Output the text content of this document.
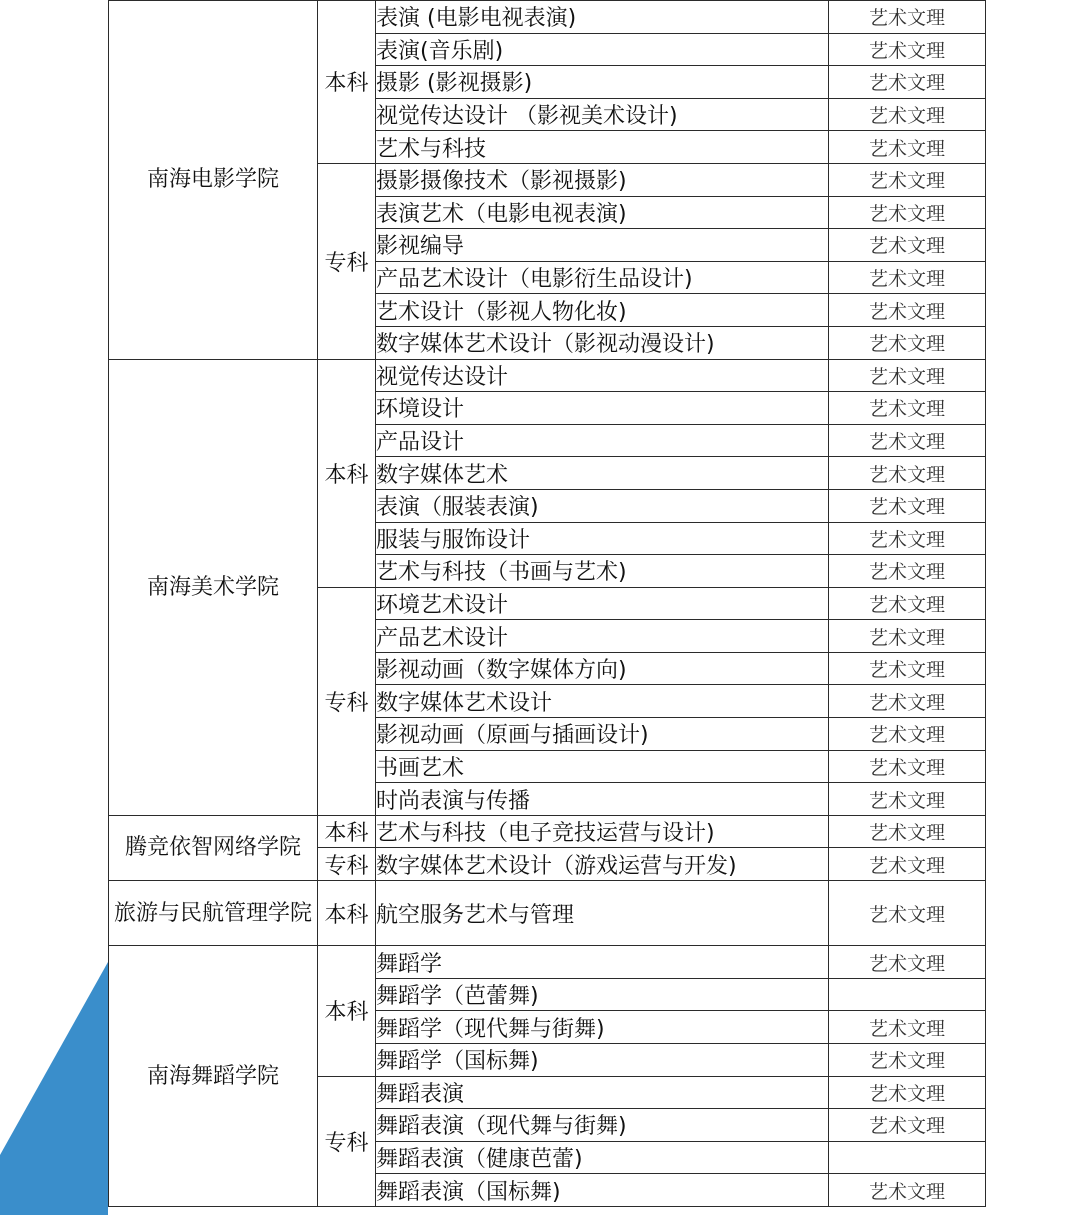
南海电影学院	本科	表演 (电影电视表演)	艺术文理
		表演(音乐剧)	艺术文理
		摄影 (影视摄影)	艺术文理
		视觉传达设计 （影视美术设计)	艺术文理
		艺术与科技	艺术文理
	专科	摄影摄像技术（影视摄影)	艺术文理
		表演艺术（电影电视表演)	艺术文理
		影视编导	艺术文理
		产品艺术设计（电影衍生品设计)	艺术文理
		艺术设计（影视人物化妆)	艺术文理
		数字媒体艺术设计（影视动漫设计)	艺术文理
南海美术学院	本科	视觉传达设计	艺术文理
		环境设计	艺术文理
		产品设计	艺术文理
		数字媒体艺术	艺术文理
		表演（服装表演)	艺术文理
		服装与服饰设计	艺术文理
		艺术与科技（书画与艺术)	艺术文理
	专科	环境艺术设计	艺术文理
		产品艺术设计	艺术文理
		影视动画（数字媒体方向)	艺术文理
		数字媒体艺术设计	艺术文理
		影视动画（原画与插画设计)	艺术文理
		书画艺术	艺术文理
		时尚表演与传播	艺术文理
腾竞依智网络学院	本科	艺术与科技（电子竞技运营与设计)	艺术文理
	专科	数字媒体艺术设计（游戏运营与开发)	艺术文理
旅游与民航管理学院	本科	航空服务艺术与管理	艺术文理
南海舞蹈学院	本科	舞蹈学	艺术文理
		舞蹈学（芭蕾舞)	
		舞蹈学（现代舞与街舞)	艺术文理
		舞蹈学（国标舞)	艺术文理
	专科	舞蹈表演	艺术文理
		舞蹈表演（现代舞与街舞)	艺术文理
		舞蹈表演（健康芭蕾)	
		舞蹈表演（国标舞)	艺术文理
